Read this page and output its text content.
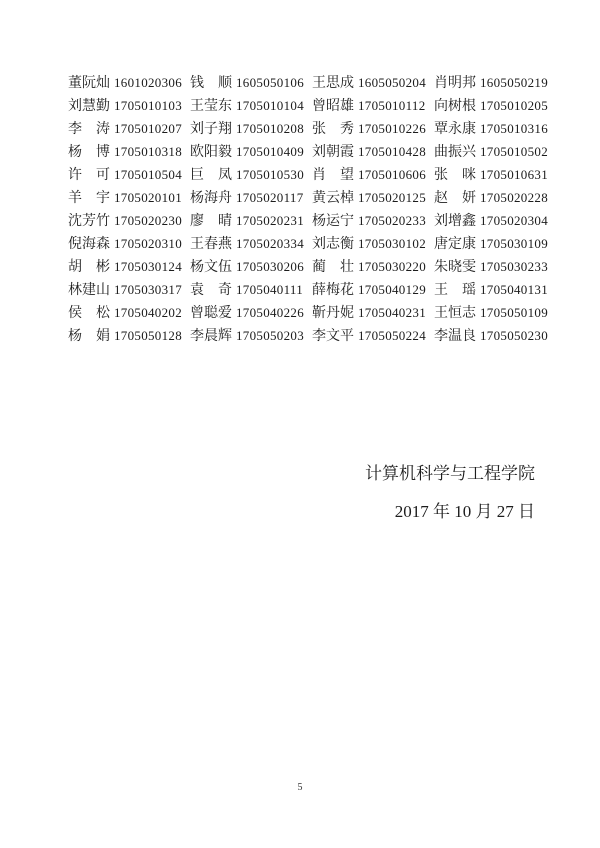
董阮灿 1601020306 钱　顺 1605050106 王思成 1605050204 肖明邦 1605050219
刘慧勤 1705010103 王莹东 1705010104 曾昭雄 1705010112 向树根 1705010205
李　涛 1705010207 刘子翔 1705010208 张　秀 1705010226 覃永康 1705010316
杨　博 1705010318 欧阳毅 1705010409 刘朝霞 1705010428 曲振兴 1705010502
许　可 1705010504 巨　凤 1705010530 肖　望 1705010606 张　咪 1705010631
羊　宇 1705020101 杨海舟 1705020117 黄云棹 1705020125 赵　妍 1705020228
沈芳竹 1705020230 廖　晴 1705020231 杨运宁 1705020233 刘增鑫 1705020304
倪海森 1705020310 王春燕 1705020334 刘志衡 1705030102 唐定康 1705030109
胡　彬 1705030124 杨文伍 1705030206 蔺　壮 1705030220 朱晓雯 1705030233
林建山 1705030317 袁　奇 1705040111 薛梅花 1705040129 王　瑶 1705040131
侯　松 1705040202 曾聪爱 1705040226 靳丹妮 1705040231 王恒志 1705050109
杨　娟 1705050128 李晨辉 1705050203 李文平 1705050224 李温良 1705050230
计算机科学与工程学院
2017 年 10 月 27 日
5
